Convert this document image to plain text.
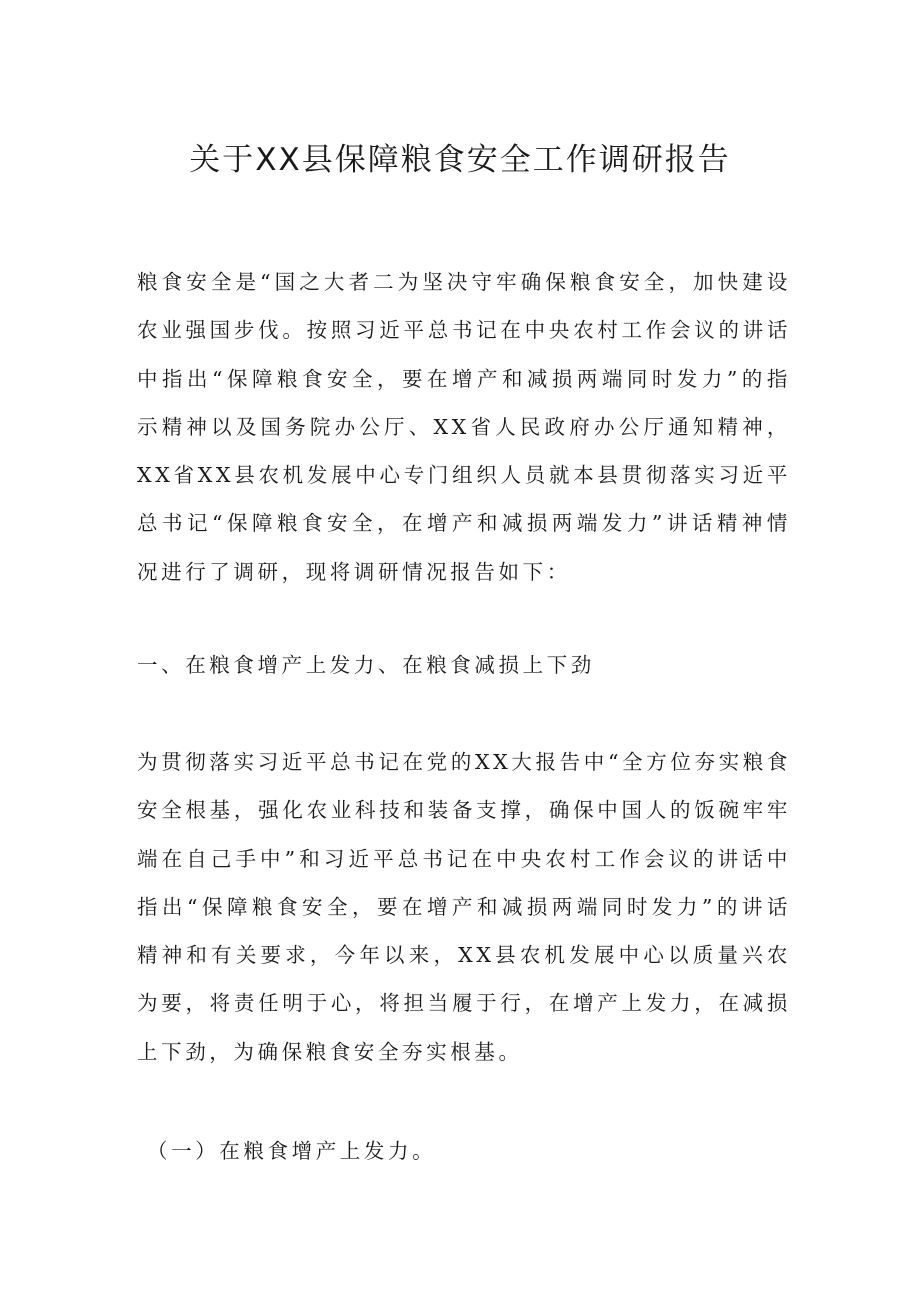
关于XX县保障粮食安全工作调研报告

粮食安全是“国之大者二为坚决守牢确保粮食安全，加快建设农业强国步伐。按照习近平总书记在中央农村工作会议的讲话中指出“保障粮食安全，要在增产和减损两端同时发力”的指示精神以及国务院办公厅、XX省人民政府办公厅通知精神，XX省XX县农机发展中心专门组织人员就本县贯彻落实习近平总书记“保障粮食安全，在增产和减损两端发力”讲话精神情况进行了调研，现将调研情况报告如下：

一、在粮食增产上发力、在粮食减损上下劲

为贯彻落实习近平总书记在党的XX大报告中“全方位夯实粮食安全根基，强化农业科技和装备支撑，确保中国人的饭碗牢牢端在自己手中”和习近平总书记在中央农村工作会议的讲话中指出“保障粮食安全，要在增产和减损两端同时发力”的讲话精神和有关要求，今年以来，XX县农机发展中心以质量兴农为要，将责任明于心，将担当履于行，在增产上发力，在减损上下劲，为确保粮食安全夯实根基。

（一）在粮食增产上发力。
